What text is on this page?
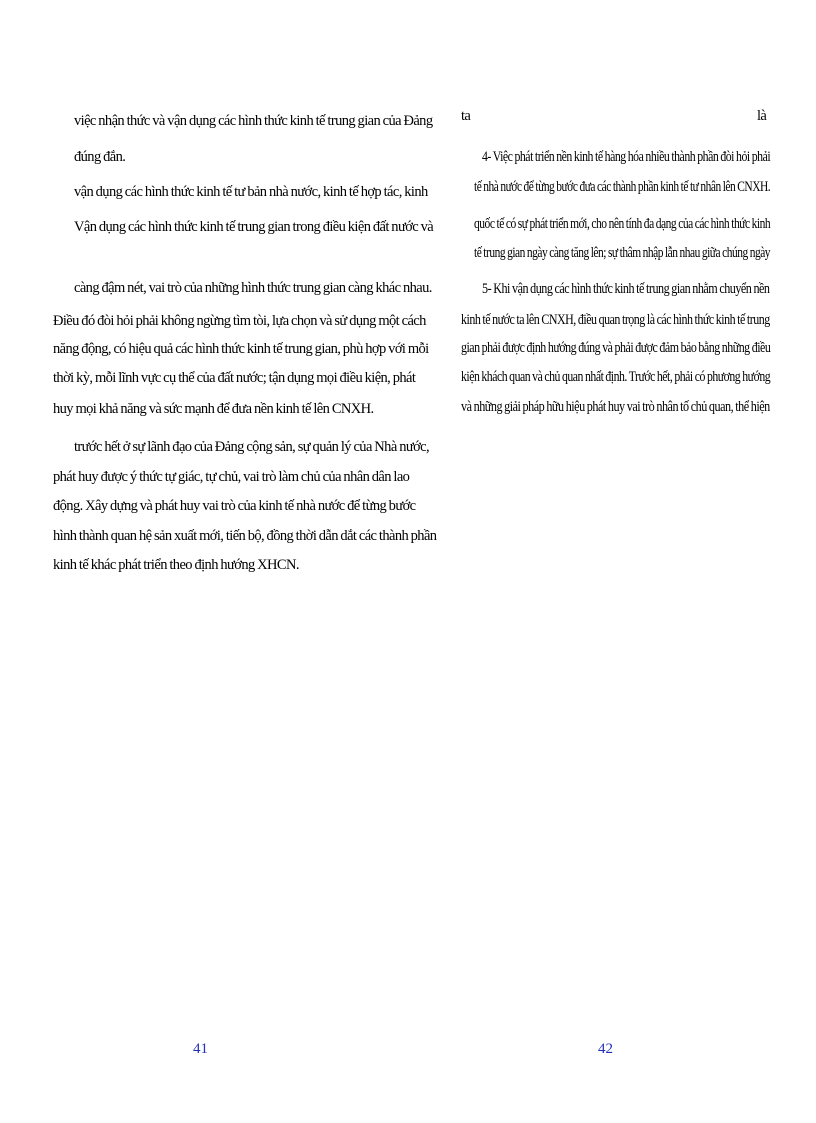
việc nhận thức và vận dụng các hình thức kinh tế trung gian của Đảng
đúng đắn.
vận dụng các hình thức kinh tế tư bản nhà nước, kinh tế hợp tác, kinh
Vận dụng các hình thức kinh tế trung gian trong điều kiện đất nước và
càng đậm nét, vai trò của những hình thức trung gian càng khác nhau.
Điều đó đòi hỏi phải không ngừng tìm tòi, lựa chọn và sử dụng một cách
năng động, có hiệu quả các hình thức kinh tế trung gian, phù hợp với mỗi
thời kỳ, mỗi lĩnh vực cụ thể của đất nước; tận dụng mọi điều kiện, phát
huy mọi khả năng và sức mạnh để đưa nền kinh tế lên CNXH.
trước hết ở sự lãnh đạo của Đảng cộng sản, sự quản lý của Nhà nước,
phát huy được ý thức tự giác, tự chủ, vai trò làm chủ của nhân dân lao
động. Xây dựng và phát huy vai trò của kinh tế nhà nước để từng bước
hình thành quan hệ sản xuất mới, tiến bộ, đồng thời dẫn dắt các thành phần
kinh tế khác phát triển theo định hướng XHCN.
41
ta	là
4- Việc phát triển nền kinh tế hàng hóa nhiều thành phần đòi hỏi phải
tế nhà nước để từng bước đưa các thành phần kinh tế tư nhân lên CNXH.
quốc tế có sự phát triển mới, cho nên tính đa dạng của các hình thức kinh
tế trung gian ngày càng tăng lên; sự thâm nhập lẫn nhau giữa chúng ngày
5- Khi vận dụng các hình thức kinh tế trung gian nhằm chuyển nền
kinh tế nước ta lên CNXH, điều quan trọng là các hình thức kinh tế trung
gian phải được định hướng đúng và phải được đảm bảo bằng những điều
kiện khách quan và chủ quan nhất định. Trước hết, phải có phương hướng
và những giải pháp hữu hiệu phát huy vai trò nhân tố chủ quan, thể hiện
42
